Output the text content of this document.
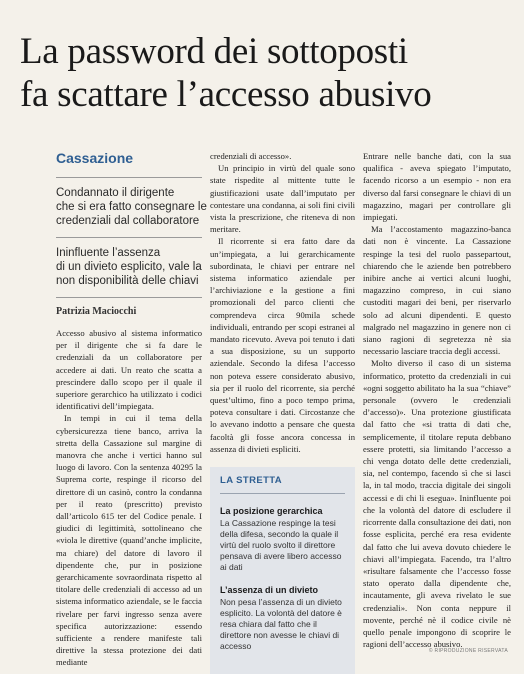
La password dei sottoposti
fa scattare l’accesso abusivo
Cassazione
Condannato il dirigente
che si era fatto consegnare le
credenziali dal collaboratore
Ininfluente l’assenza
di un divieto esplicito, vale la
non disponibilità delle chiavi
Patrizia Maciocchi

Accesso abusivo al sistema informatico per il dirigente che si fa dare le credenziali da un collaboratore per accedere ai dati. Un reato che scatta a prescindere dallo scopo per il quale il superiore gerarchico ha utilizzato i codici identificativi dell’impiegata.

In tempi in cui il tema della cybersicurezza tiene banco, arriva la stretta della Cassazione sul margine di manovra che anche i vertici hanno sul luogo di lavoro. Con la sentenza 40295 la Suprema corte, respinge il ricorso del direttore di un casinò, contro la condanna per il reato (prescritto) previsto dall’articolo 615 ter del Codice penale. I giudici di legittimità, sottolineano che «viola le direttive (quand’anche implicite, ma chiare) del datore di lavoro il dipendente che, pur in posizione gerarchicamente sovraordinata rispetto al titolare delle credenziali di accesso ad un sistema informatico aziendale, se le faccia rivelare per farvi ingresso senza avere specifica autorizzazione: essendo sufficiente a rendere manifeste tali direttive la stessa protezione dei dati mediante

credenziali di accesso».

Un principio in virtù del quale sono state rispedite al mittente tutte le giustificazioni usate dall’imputato per contestare una condanna, ai soli fini civili vista la prescrizione, che riteneva di non meritare.

Il ricorrente si era fatto dare da un’impiegata, a lui gerarchicamente subordinata, le chiavi per entrare nel sistema informatico aziendale per l’archiviazione e la gestione a fini promozionali del parco clienti che comprendeva circa 90mila schede individuali, entrando per scopi estranei al mandato ricevuto. Aveva poi tenuto i dati a sua disposizione, su un supporto aziendale. Secondo la difesa l’accesso non poteva essere considerato abusivo, sia per il ruolo del ricorrente, sia perché quest’ultimo, fino a poco tempo prima, poteva consultare i dati. Circostanze che lo avevano indotto a pensare che questa facoltà gli fosse ancora concessa in assenza di divieti espliciti.

LA STRETTA
La posizione gerarchica
La Cassazione respinge la tesi della difesa, secondo la quale il virtù del ruolo svolto il direttore pensava di avere libero accesso ai dati
L’assenza di un divieto
Non pesa l’assenza di un divieto esplicito. La volontà del datore è resa chiara dal fatto che il direttore non avesse le chiavi di accesso

Entrare nelle banche dati, con la sua qualifica - aveva spiegato l’imputato, facendo ricorso a un esempio - non era diverso dal farsi consegnare le chiavi di un magazzino, magari per controllare gli impiegati.

Ma l’accostamento magazzino-banca dati non è vincente. La Cassazione respinge la tesi del ruolo passepartout, chiarendo che le aziende ben potrebbero inibire anche ai vertici alcuni luoghi, magazzino compreso, in cui siano custoditi magari dei beni, per riservarlo solo ad alcuni dipendenti. E questo malgrado nel magazzino in genere non ci siano ragioni di segretezza nè sia necessario lasciare traccia degli accessi.

Molto diverso il caso di un sistema informatico, protetto da credenziali in cui «ogni soggetto abilitato ha la sua “chiave” personale (ovvero le credenziali d’accesso)». Una protezione giustificata dal fatto che «si tratta di dati che, semplicemente, il titolare reputa debbano essere protetti, sia limitando l’accesso a chi venga dotato delle dette credenziali, sia, nel contempo, facendo sì che si lasci la, in tal modo, traccia digitale dei singoli accessi e di chi li esegua». Ininfluente poi che la volontà del datore di escludere il ricorrente dalla consultazione dei dati, non fosse esplicita, perché era resa evidente dal fatto che lui aveva dovuto chiedere le chiavi all’impiegata. Facendo, tra l’altro «risultare falsamente che l’accesso fosse stato operato dalla dipendente che, incautamente, gli aveva rivelato le sue credenziali». Non conta neppure il movente, perché nè il codice civile nè quello penale impongono di scoprire le ragioni dell’accesso abusivo.

© RIPRODUZIONE RISERVATA
